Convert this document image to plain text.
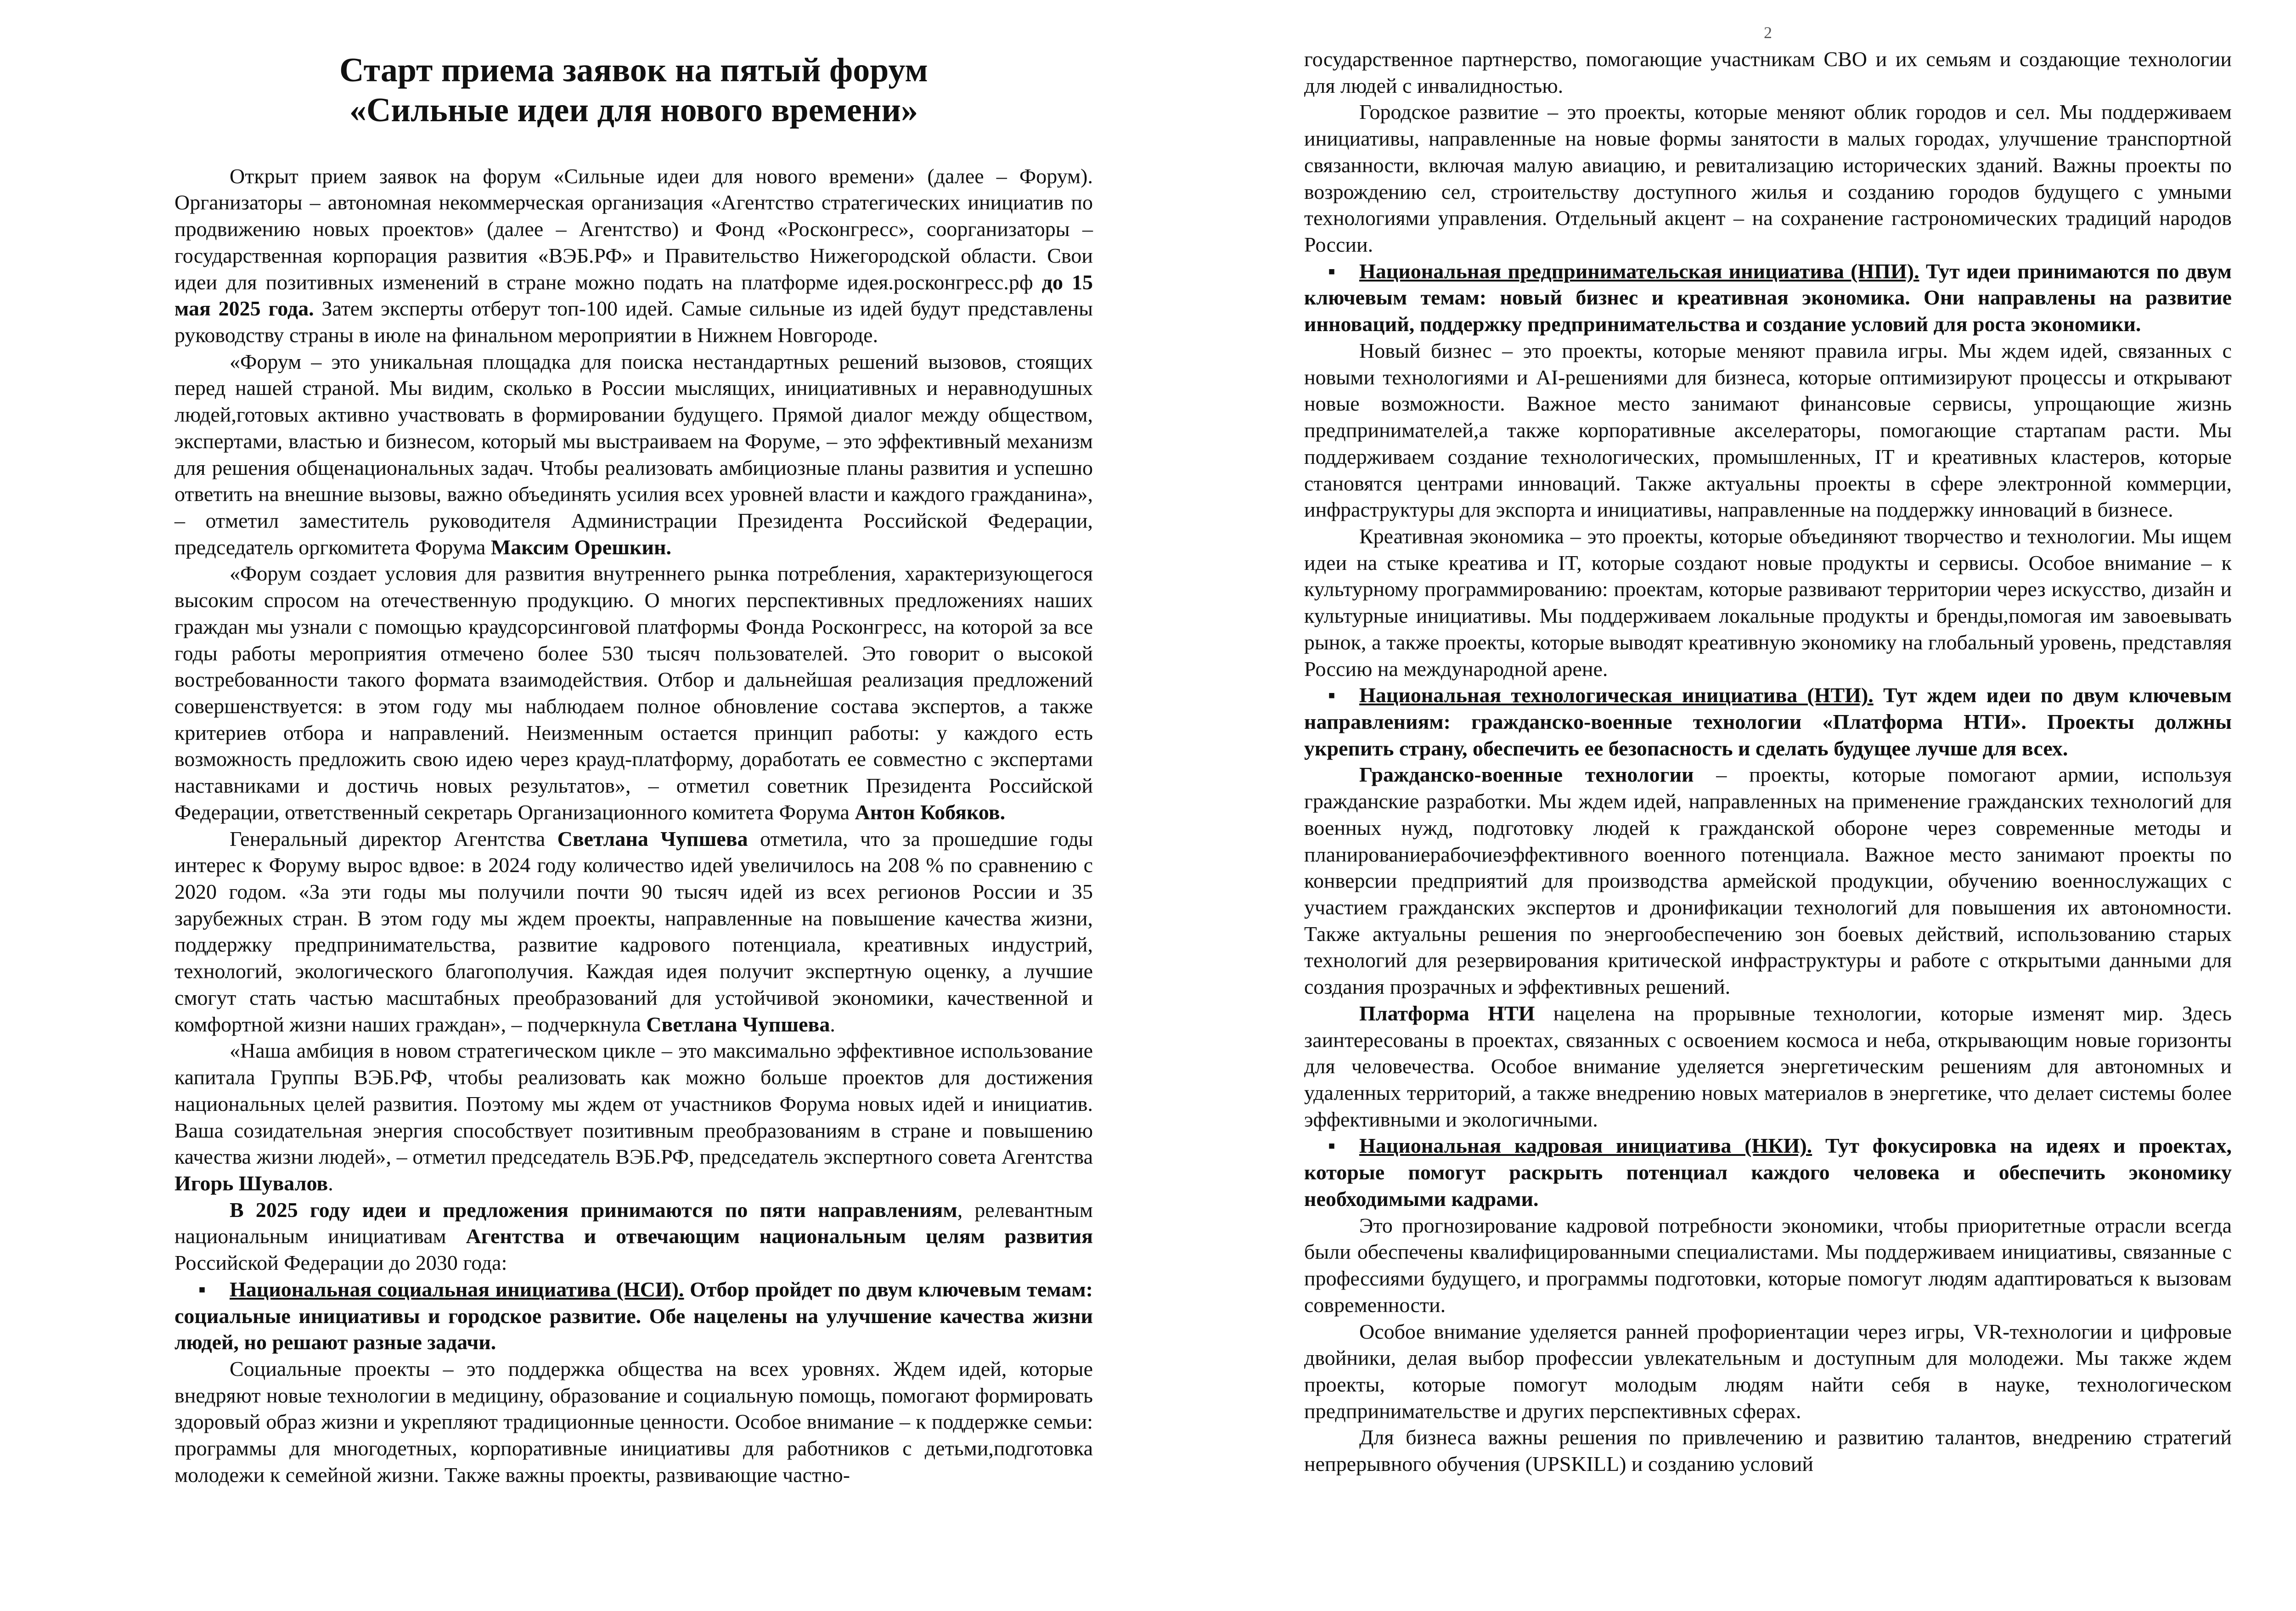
Старт приема заявок на пятый форум
«Сильные идеи для нового времени»

Открыт прием заявок на форум «Сильные идеи для нового времени» (далее – Форум). Организаторы – автономная некоммерческая организация «Агентство стратегических инициатив по продвижению новых проектов» (далее – Агентство) и Фонд «Росконгресс», соорганизаторы – государственная корпорация развития «ВЭБ.РФ» и Правительство Нижегородской области. Свои идеи для позитивных изменений в стране можно подать на платформе идея.росконгресс.рф до 15 мая 2025 года. Затем эксперты отберут топ-100 идей. Самые сильные из идей будут представлены руководству страны в июле на финальном мероприятии в Нижнем Новгороде.

«Форум – это уникальная площадка для поиска нестандартных решений вызовов, стоящих перед нашей страной. Мы видим, сколько в России мыслящих, инициативных и неравнодушных людей,готовых активно участвовать в формировании будущего. Прямой диалог между обществом, экспертами, властью и бизнесом, который мы выстраиваем на Форуме, – это эффективный механизм для решения общенациональных задач. Чтобы реализовать амбициозные планы развития и успешно ответить на внешние вызовы, важно объединять усилия всех уровней власти и каждого гражданина», – отметил заместитель руководителя Администрации Президента Российской Федерации, председатель оргкомитета Форума Максим Орешкин.

«Форум создает условия для развития внутреннего рынка потребления, характеризующегося высоким спросом на отечественную продукцию. О многих перспективных предложениях наших граждан мы узнали с помощью краудсорсинговой платформы Фонда Росконгресс, на которой за все годы работы мероприятия отмечено более 530 тысяч пользователей. Это говорит о высокой востребованности такого формата взаимодействия. Отбор и дальнейшая реализация предложений совершенствуется: в этом году мы наблюдаем полное обновление состава экспертов, а также критериев отбора и направлений. Неизменным остается принцип работы: у каждого есть возможность предложить свою идею через крауд-платформу, доработать ее совместно с экспертами наставниками и достичь новых результатов», – отметил советник Президента Российской Федерации, ответственный секретарь Организационного комитета Форума Антон Кобяков.

Генеральный директор Агентства Светлана Чупшева отметила, что за прошедшие годы интерес к Форуму вырос вдвое: в 2024 году количество идей увеличилось на 208 % по сравнению с 2020 годом. «За эти годы мы получили почти 90 тысяч идей из всех регионов России и 35 зарубежных стран. В этом году мы ждем проекты, направленные на повышение качества жизни, поддержку предпринимательства, развитие кадрового потенциала, креативных индустрий, технологий, экологического благополучия. Каждая идея получит экспертную оценку, а лучшие смогут стать частью масштабных преобразований для устойчивой экономики, качественной и комфортной жизни наших граждан», – подчеркнула Светлана Чупшева.

«Наша амбиция в новом стратегическом цикле – это максимально эффективное использование капитала Группы ВЭБ.РФ, чтобы реализовать как можно больше проектов для достижения национальных целей развития. Поэтому мы ждем от участников Форума новых идей и инициатив. Ваша созидательная энергия способствует позитивным преобразованиям в стране и повышению качества жизни людей», – отметил председатель ВЭБ.РФ, председатель экспертного совета Агентства Игорь Шувалов.

В 2025 году идеи и предложения принимаются по пяти направлениям, релевантным национальным инициативам Агентства и отвечающим национальным целям развития Российской Федерации до 2030 года:

▪ Национальная социальная инициатива (НСИ). Отбор пройдет по двум ключевым темам: социальные инициативы и городское развитие. Обе нацелены на улучшение качества жизни людей, но решают разные задачи.

Социальные проекты – это поддержка общества на всех уровнях. Ждем идей, которые внедряют новые технологии в медицину, образование и социальную помощь, помогают формировать здоровый образ жизни и укрепляют традиционные ценности. Особое внимание – к поддержке семьи: программы для многодетных, корпоративные инициативы для работников с детьми,подготовка молодежи к семейной жизни. Также важны проекты, развивающие частно-

2

государственное партнерство, помогающие участникам СВО и их семьям и создающие технологии для людей с инвалидностью.

Городское развитие – это проекты, которые меняют облик городов и сел. Мы поддерживаем инициативы, направленные на новые формы занятости в малых городах, улучшение транспортной связанности, включая малую авиацию, и ревитализацию исторических зданий. Важны проекты по возрождению сел, строительству доступного жилья и созданию городов будущего с умными технологиями управления. Отдельный акцент – на сохранение гастрономических традиций народов России.

▪ Национальная предпринимательская инициатива (НПИ). Тут идеи принимаются по двум ключевым темам: новый бизнес и креативная экономика. Они направлены на развитие инноваций, поддержку предпринимательства и создание условий для роста экономики.

Новый бизнес – это проекты, которые меняют правила игры. Мы ждем идей, связанных с новыми технологиями и AI-решениями для бизнеса, которые оптимизируют процессы и открывают новые возможности. Важное место занимают финансовые сервисы, упрощающие жизнь предпринимателей,а также корпоративные акселераторы, помогающие стартапам расти. Мы поддерживаем создание технологических, промышленных, IT и креативных кластеров, которые становятся центрами инноваций. Также актуальны проекты в сфере электронной коммерции, инфраструктуры для экспорта и инициативы, направленные на поддержку инноваций в бизнесе.

Креативная экономика – это проекты, которые объединяют творчество и технологии. Мы ищем идеи на стыке креатива и IT, которые создают новые продукты и сервисы. Особое внимание – к культурному программированию: проектам, которые развивают территории через искусство, дизайн и культурные инициативы. Мы поддерживаем локальные продукты и бренды,помогая им завоевывать рынок, а также проекты, которые выводят креативную экономику на глобальный уровень, представляя Россию на международной арене.

▪ Национальная технологическая инициатива (НТИ). Тут ждем идеи по двум ключевым направлениям: гражданско-военные технологии «Платформа НТИ». Проекты должны укрепить страну, обеспечить ее безопасность и сделать будущее лучше для всех.

Гражданско-военные технологии – проекты, которые помогают армии, используя гражданские разработки. Мы ждем идей, направленных на применение гражданских технологий для военных нужд, подготовку людей к гражданской обороне через современные методы и планированиерабочиеэффективного военного потенциала. Важное место занимают проекты по конверсии предприятий для производства армейской продукции, обучению военнослужащих с участием гражданских экспертов и дронификации технологий для повышения их автономности. Также актуальны решения по энергообеспечению зон боевых действий, использованию старых технологий для резервирования критической инфраструктуры и работе с открытыми данными для создания прозрачных и эффективных решений.

Платформа НТИ нацелена на прорывные технологии, которые изменят мир. Здесь заинтересованы в проектах, связанных с освоением космоса и неба, открывающим новые горизонты для человечества. Особое внимание уделяется энергетическим решениям для автономных и удаленных территорий, а также внедрению новых материалов в энергетике, что делает системы более эффективными и экологичными.

▪ Национальная кадровая инициатива (НКИ). Тут фокусировка на идеях и проектах, которые помогут раскрыть потенциал каждого человека и обеспечить экономику необходимыми кадрами.

Это прогнозирование кадровой потребности экономики, чтобы приоритетные отрасли всегда были обеспечены квалифицированными специалистами. Мы поддерживаем инициативы, связанные с профессиями будущего, и программы подготовки, которые помогут людям адаптироваться к вызовам современности.

Особое внимание уделяется ранней профориентации через игры, VR-технологии и цифровые двойники, делая выбор профессии увлекательным и доступным для молодежи. Мы также ждем проекты, которые помогут молодым людям найти себя в науке, технологическом предпринимательстве и других перспективных сферах.

Для бизнеса важны решения по привлечению и развитию талантов, внедрению стратегий непрерывного обучения (UPSKILL) и созданию условий
